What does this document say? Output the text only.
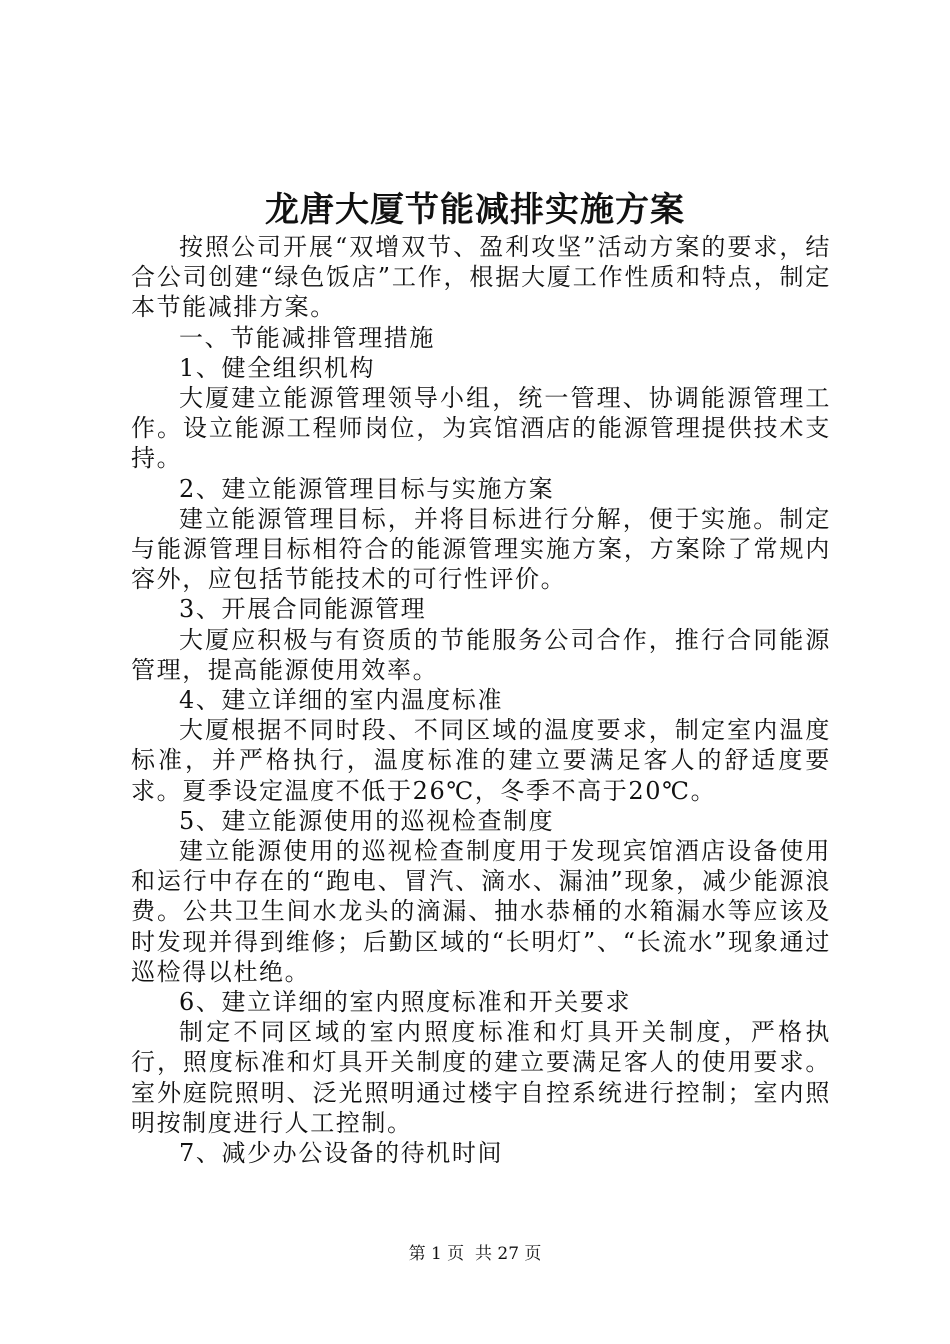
龙唐大厦节能减排实施方案

按照公司开展“双增双节、盈利攻坚”活动方案的要求，结合公司创建“绿色饭店”工作，根据大厦工作性质和特点，制定本节能减排方案。

一、节能减排管理措施

1、健全组织机构

大厦建立能源管理领导小组，统一管理、协调能源管理工作。设立能源工程师岗位，为宾馆酒店的能源管理提供技术支持。

2、建立能源管理目标与实施方案

建立能源管理目标，并将目标进行分解，便于实施。制定与能源管理目标相符合的能源管理实施方案，方案除了常规内容外，应包括节能技术的可行性评价。

3、开展合同能源管理

大厦应积极与有资质的节能服务公司合作，推行合同能源管理，提高能源使用效率。

4、建立详细的室内温度标准

大厦根据不同时段、不同区域的温度要求，制定室内温度标准，并严格执行，温度标准的建立要满足客人的舒适度要求。夏季设定温度不低于26℃，冬季不高于20℃。

5、建立能源使用的巡视检查制度

建立能源使用的巡视检查制度用于发现宾馆酒店设备使用和运行中存在的“跑电、冒汽、滴水、漏油”现象，减少能源浪费。公共卫生间水龙头的滴漏、抽水恭桶的水箱漏水等应该及时发现并得到维修；后勤区域的“长明灯”、“长流水”现象通过巡检得以杜绝。

6、建立详细的室内照度标准和开关要求

制定不同区域的室内照度标准和灯具开关制度，严格执行，照度标准和灯具开关制度的建立要满足客人的使用要求。室外庭院照明、泛光照明通过楼宇自控系统进行控制；室内照明按制度进行人工控制。

7、减少办公设备的待机时间

第 1 页  共 27 页
